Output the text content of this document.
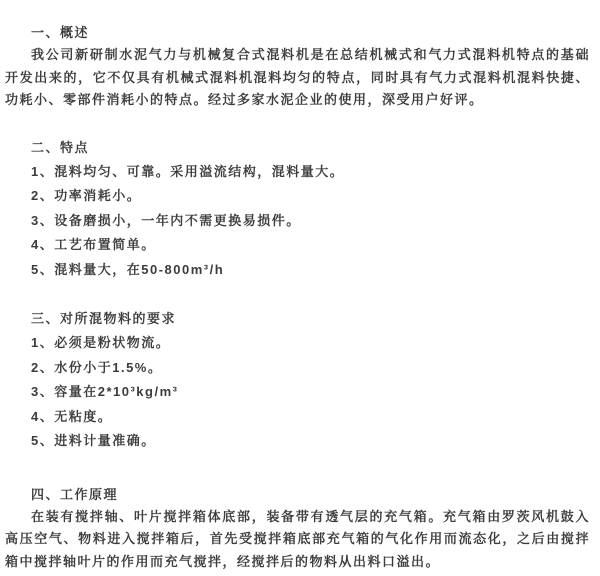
一、概述

我公司新研制水泥气力与机械复合式混料机是在总结机械式和气力式混料机特点的基础开发出来的，它不仅具有机械式混料机混料均匀的特点，同时具有气力式混料机混料快捷、功耗小、零部件消耗小的特点。经过多家水泥企业的使用，深受用户好评。

二、特点
1、混料均匀、可靠。采用溢流结构，混料量大。
2、功率消耗小。
3、设备磨损小，一年内不需更换易损件。
4、工艺布置简单。
5、混料量大，在50-800m³/h
三、对所混物料的要求
1、必须是粉状物流。
2、水份小于1.5%。
3、容量在2*10³kg/m³
4、无粘度。
5、进料计量准确。
四、工作原理

在装有搅拌轴、叶片搅拌箱体底部，装备带有透气层的充气箱。充气箱由罗茨风机鼓入高压空气、物料进入搅拌箱后，首先受搅拌箱底部充气箱的气化作用而流态化，之后由搅拌箱中搅拌轴叶片的作用而充气搅拌，经搅拌后的物料从出料口溢出。
